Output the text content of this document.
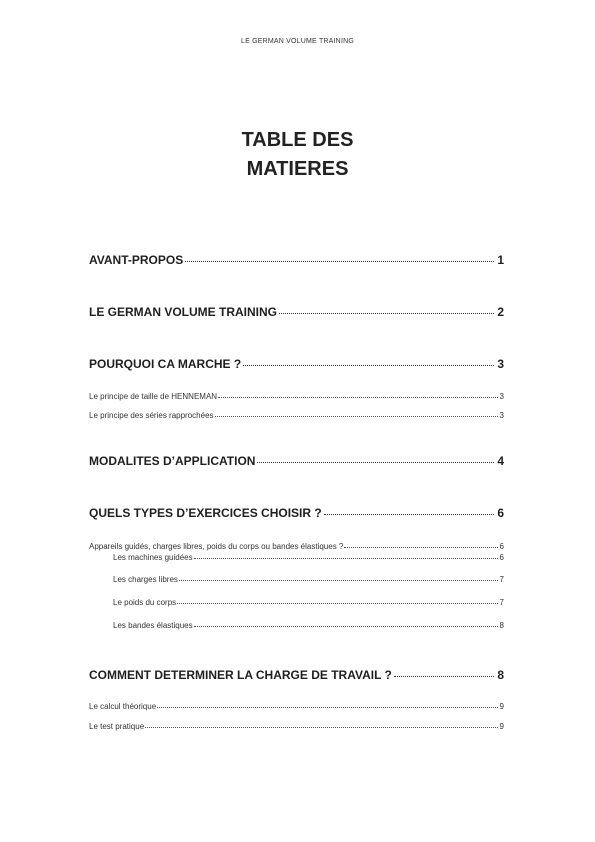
LE GERMAN VOLUME TRAINING
TABLE DES
MATIERES
AVANT-PROPOS	1
LE GERMAN VOLUME TRAINING	2
POURQUOI CA MARCHE ?	3
Le principe de taille de HENNEMAN	3
Le principe des séries rapprochées	3
MODALITES D’APPLICATION	4
QUELS TYPES D’EXERCICES CHOISIR ?	6
Appareils guidés, charges libres, poids du corps ou bandes élastiques ?	6
Les machines guidées	6
Les charges libres	7
Le poids du corps	7
Les bandes élastiques	8
COMMENT DETERMINER LA CHARGE DE TRAVAIL ?	8
Le calcul théorique	9
Le test pratique	9
